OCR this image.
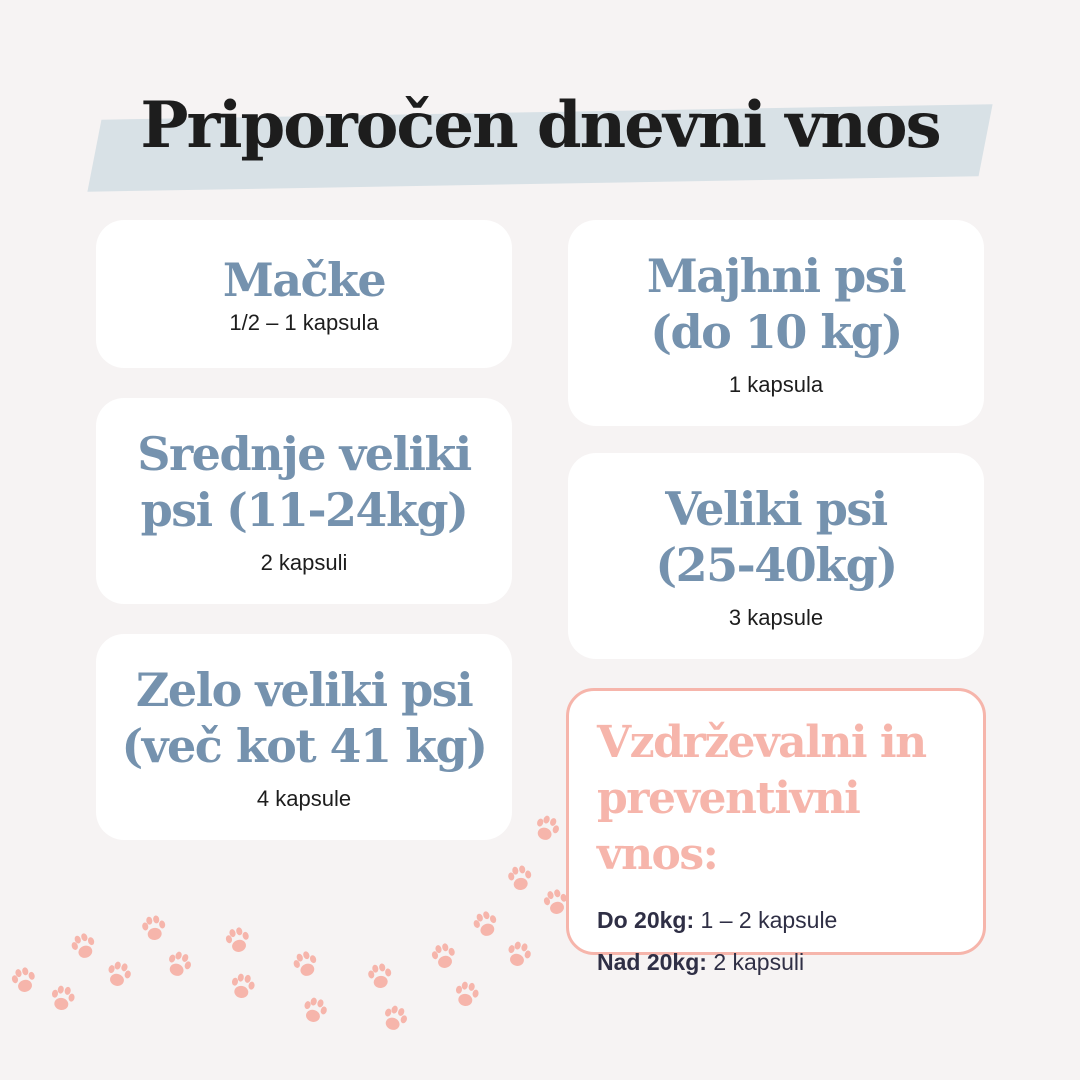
Priporočen dnevni vnos
Mačke
1/2 – 1 kapsula
Majhni psi
(do 10 kg)
1 kapsula
Srednje veliki
psi (11-24kg)
2 kapsuli
Veliki psi
(25-40kg)
3 kapsule
Zelo veliki psi
(več kot 41 kg)
4 kapsule
Vzdrževalni in
preventivni vnos:
Do 20kg: 1 – 2 kapsule
Nad 20kg: 2 kapsuli
